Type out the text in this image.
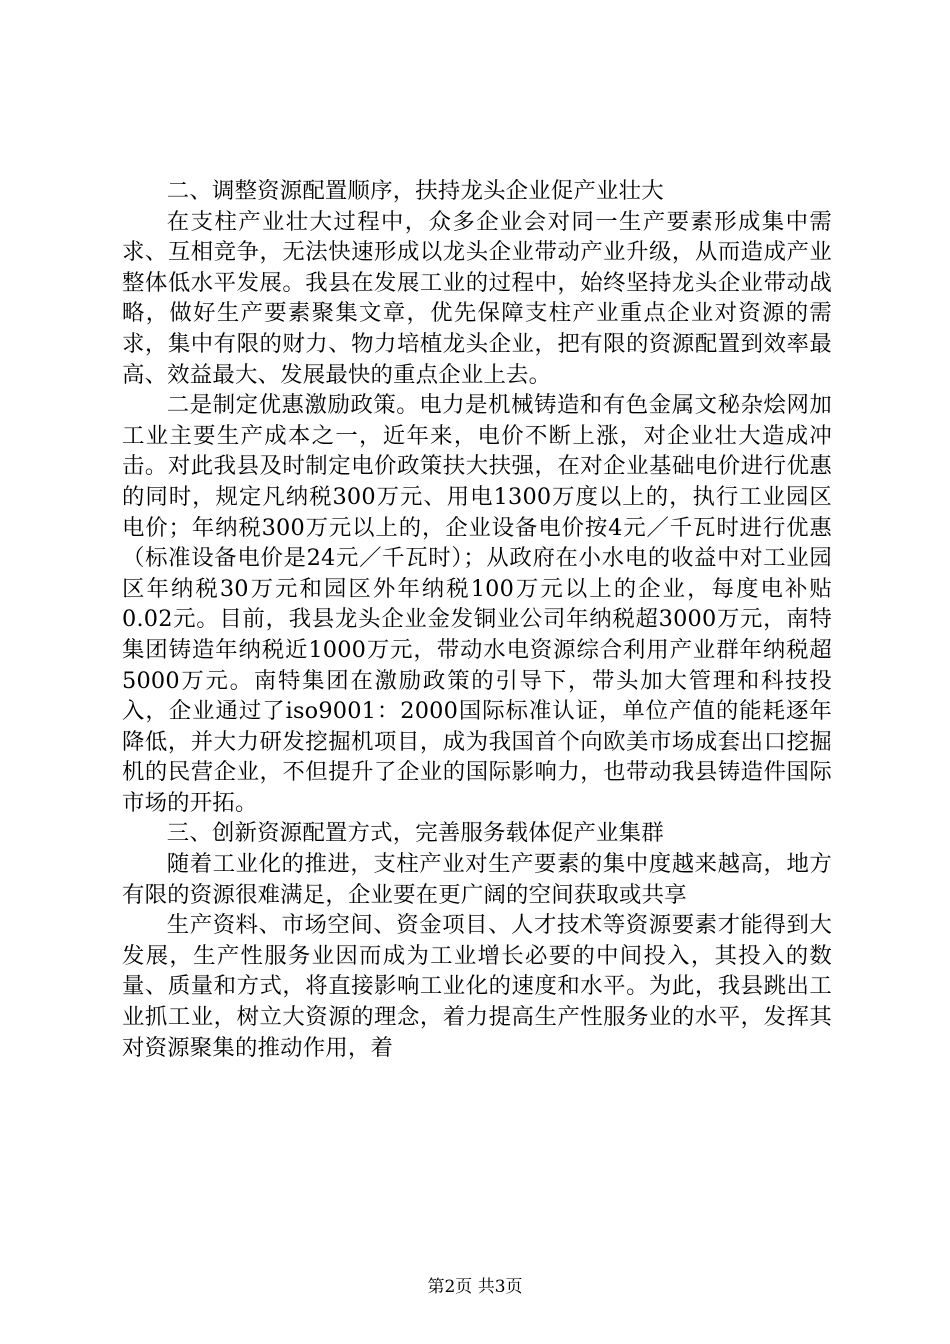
二、调整资源配置顺序，扶持龙头企业促产业壮大

在支柱产业壮大过程中，众多企业会对同一生产要素形成集中需求、互相竞争，无法快速形成以龙头企业带动产业升级，从而造成产业整体低水平发展。我县在发展工业的过程中，始终坚持龙头企业带动战略，做好生产要素聚集文章，优先保障支柱产业重点企业对资源的需求，集中有限的财力、物力培植龙头企业，把有限的资源配置到效率最高、效益最大、发展最快的重点企业上去。

二是制定优惠激励政策。电力是机械铸造和有色金属文秘杂烩网加工业主要生产成本之一，近年来，电价不断上涨，对企业壮大造成冲击。对此我县及时制定电价政策扶大扶强，在对企业基础电价进行优惠的同时，规定凡纳税300万元、用电1300万度以上的，执行工业园区电价；年纳税300万元以上的，企业设备电价按4元／千瓦时进行优惠（标准设备电价是24元／千瓦时）；从政府在小水电的收益中对工业园区年纳税30万元和园区外年纳税100万元以上的企业，每度电补贴0.02元。目前，我县龙头企业金发铜业公司年纳税超3000万元，南特集团铸造年纳税近1000万元，带动水电资源综合利用产业群年纳税超5000万元。南特集团在激励政策的引导下，带头加大管理和科技投入，企业通过了iso9001：2000国际标准认证，单位产值的能耗逐年降低，并大力研发挖掘机项目，成为我国首个向欧美市场成套出口挖掘机的民营企业，不但提升了企业的国际影响力，也带动我县铸造件国际市场的开拓。

三、创新资源配置方式，完善服务载体促产业集群

随着工业化的推进，支柱产业对生产要素的集中度越来越高，地方有限的资源很难满足，企业要在更广阔的空间获取或共享

生产资料、市场空间、资金项目、人才技术等资源要素才能得到大发展，生产性服务业因而成为工业增长必要的中间投入，其投入的数量、质量和方式，将直接影响工业化的速度和水平。为此，我县跳出工业抓工业，树立大资源的理念，着力提高生产性服务业的水平，发挥其对资源聚集的推动作用，着

第2页 共3页
